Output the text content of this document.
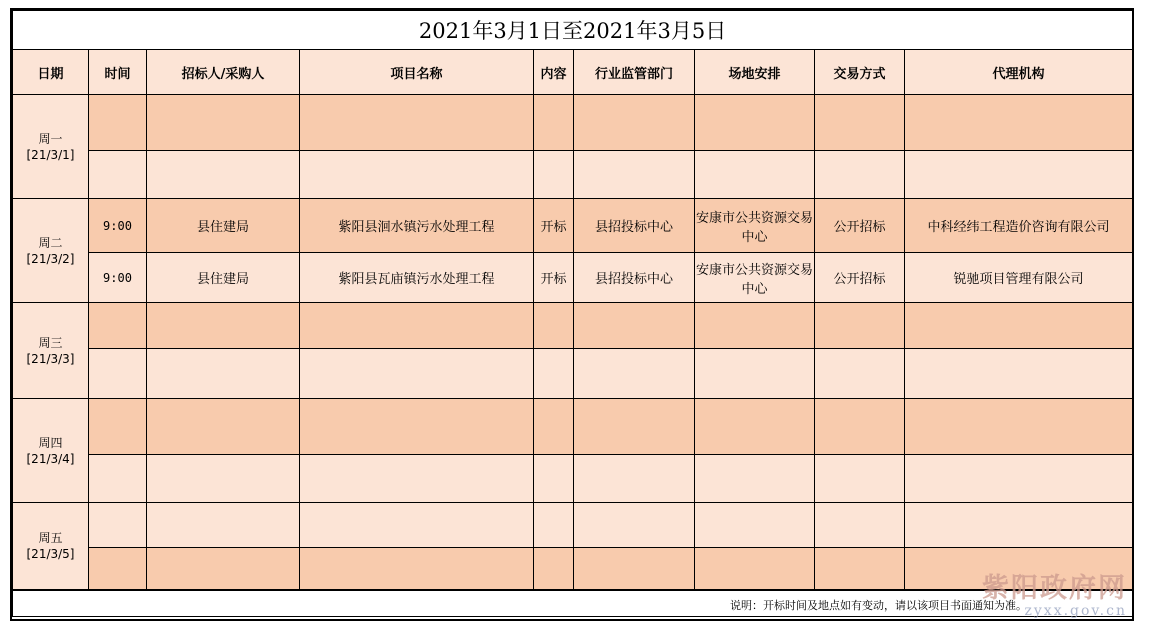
2021年3月1日至2021年3月5日								
日期	时间	招标人/采购人	项目名称	内容	行业监管部门	场地安排	交易方式	代理机构

周一
[21/3/1]								

周二
[21/3/2]	9:00	县住建局	紫阳县洄水镇污水处理工程	开标	县招投标中心	安康市公共资源交易中心	公开招标	中科经纬工程造价咨询有限公司
	9:00	县住建局	紫阳县瓦庙镇污水处理工程	开标	县招投标中心	安康市公共资源交易中心	公开招标	锐驰项目管理有限公司

周三
[21/3/3]								

周四
[21/3/4]								

周五
[21/3/5]								

说明：开标时间及地点如有变动，请以该项目书面通知为准。
紫阳政府网
zyxx.gov.cn
